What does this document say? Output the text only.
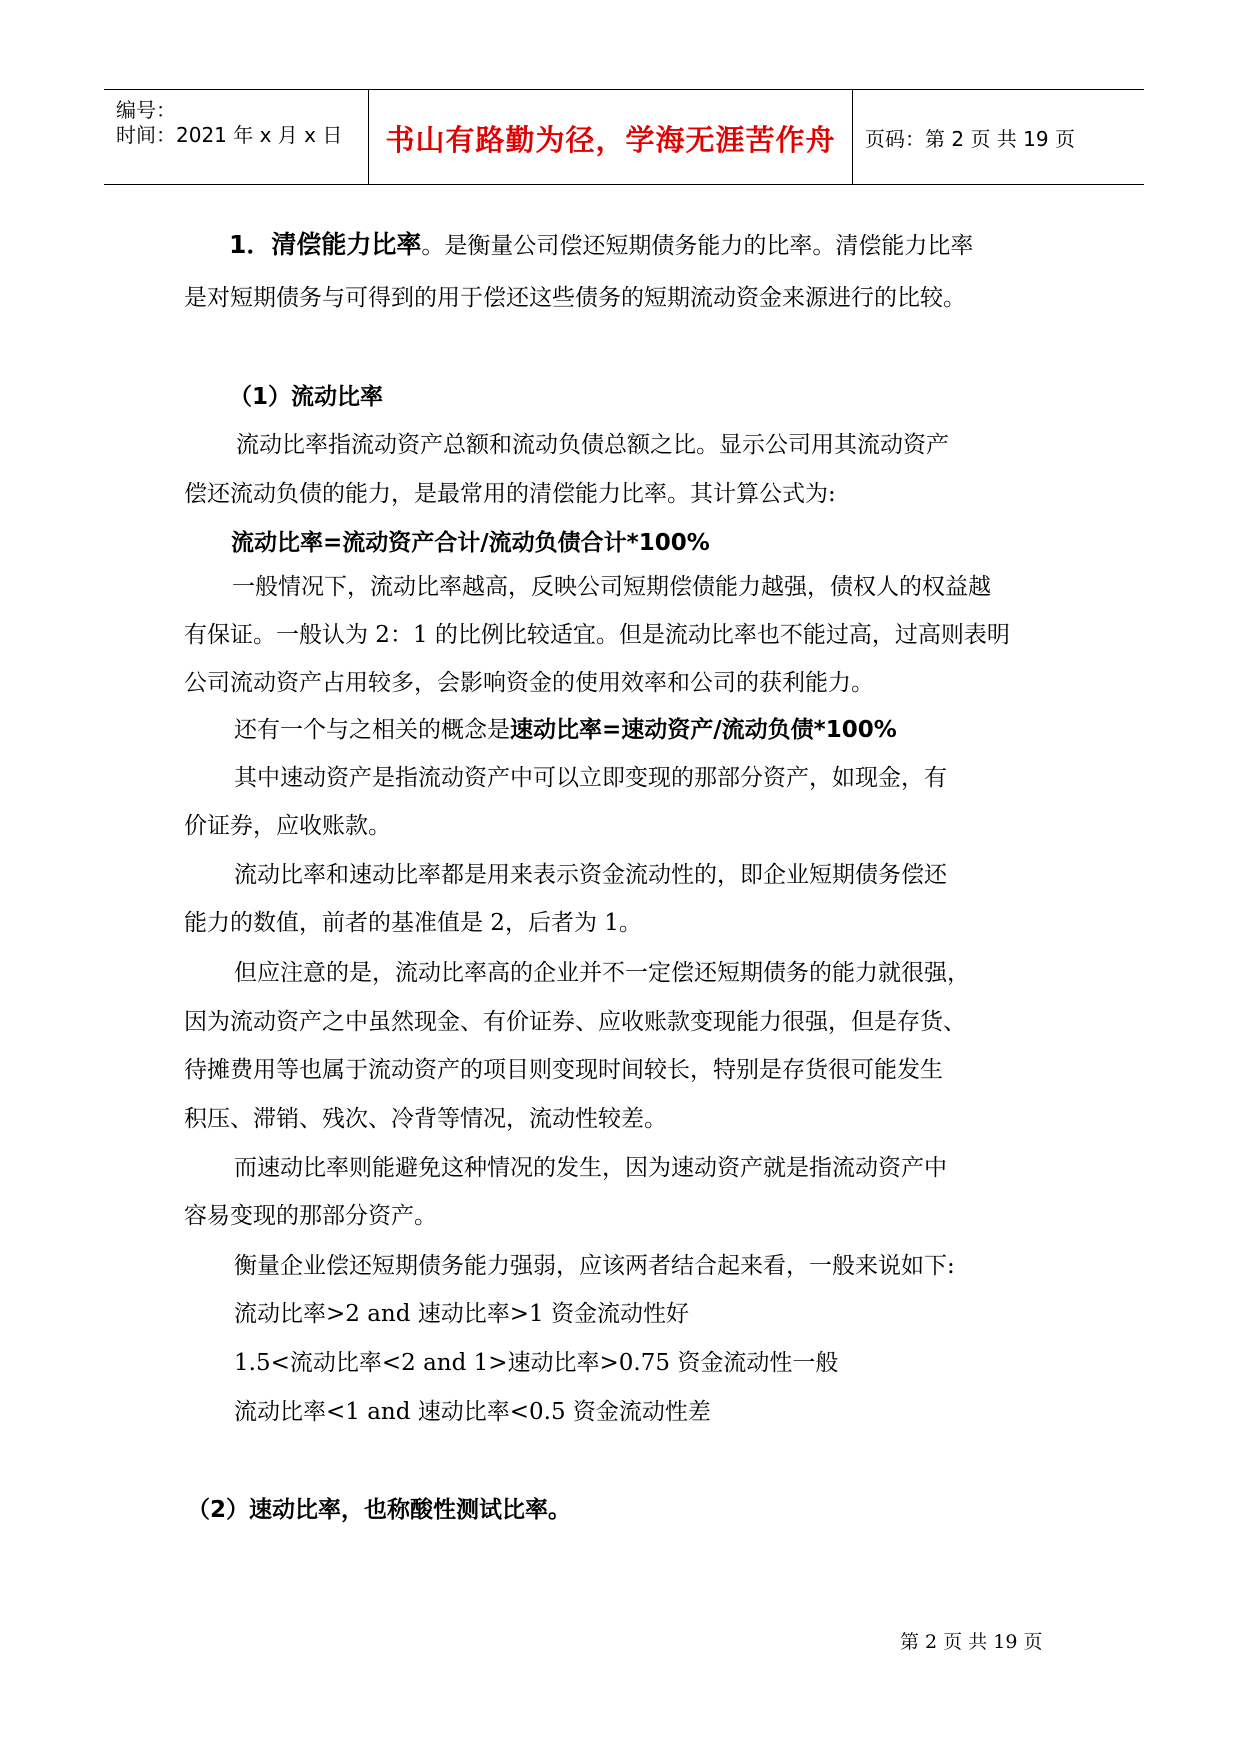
编号：
时间：2021 年 x 月 x 日	书山有路勤为径，学海无涯苦作舟	页码：第 2 页 共 19 页
1．清偿能力比率。是衡量公司偿还短期债务能力的比率。清偿能力比率
是对短期债务与可得到的用于偿还这些债务的短期流动资金来源进行的比较。
（1）流动比率
流动比率指流动资产总额和流动负债总额之比。显示公司用其流动资产
偿还流动负债的能力，是最常用的清偿能力比率。其计算公式为:
流动比率=流动资产合计/流动负债合计*100%
一般情况下，流动比率越高，反映公司短期偿债能力越强，债权人的权益越
有保证。一般认为 2：1 的比例比较适宜。但是流动比率也不能过高，过高则表明
公司流动资产占用较多，会影响资金的使用效率和公司的获利能力。
还有一个与之相关的概念是速动比率=速动资产/流动负债*100%
其中速动资产是指流动资产中可以立即变现的那部分资产，如现金，有
价证券，应收账款。
流动比率和速动比率都是用来表示资金流动性的，即企业短期债务偿还
能力的数值，前者的基准值是 2，后者为 1。
但应注意的是，流动比率高的企业并不一定偿还短期债务的能力就很强，
因为流动资产之中虽然现金、有价证券、应收账款变现能力很强，但是存货、
待摊费用等也属于流动资产的项目则变现时间较长，特别是存货很可能发生
积压、滞销、残次、冷背等情况，流动性较差。
而速动比率则能避免这种情况的发生，因为速动资产就是指流动资产中
容易变现的那部分资产。
衡量企业偿还短期债务能力强弱，应该两者结合起来看，一般来说如下:
流动比率>2 and 速动比率>1 资金流动性好
1.5<流动比率<2 and 1>速动比率>0.75 资金流动性一般
流动比率<1 and 速动比率<0.5 资金流动性差
（2）速动比率，也称酸性测试比率。
第 2 页 共 19 页
